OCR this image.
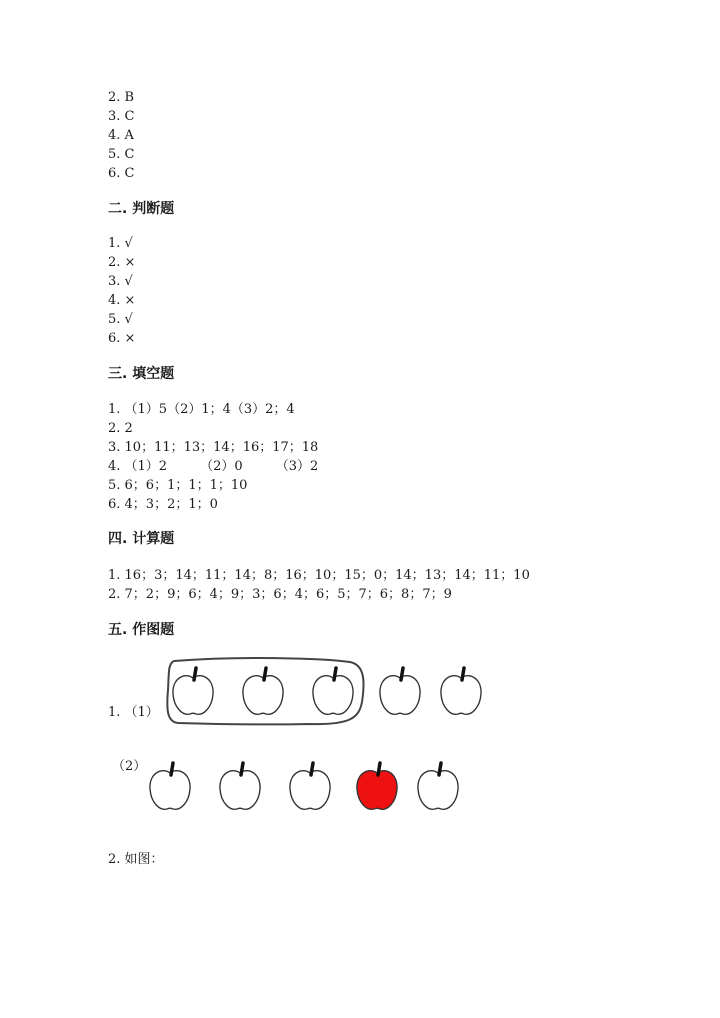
2. B
3. C
4. A
5. C
6. C
二. 判断题
1. √
2. ×
3. √
4. ×
5. √
6. ×
三. 填空题
1. （1）5（2）1；4（3）2；4
2. 2
3. 10；11；13；14；16；17；18
4. （1）2        （2）0        （3）2
5. 6；6；1；1；1；10
6. 4；3；2；1；0
四. 计算题
1. 16；3；14；11；14；8；16；10；15；0；14；13；14；11；10
2. 7；2；9；6；4；9；3；6；4；6；5；7；6；8；7；9
五. 作图题
1. （1）
（2）
2. 如图：
